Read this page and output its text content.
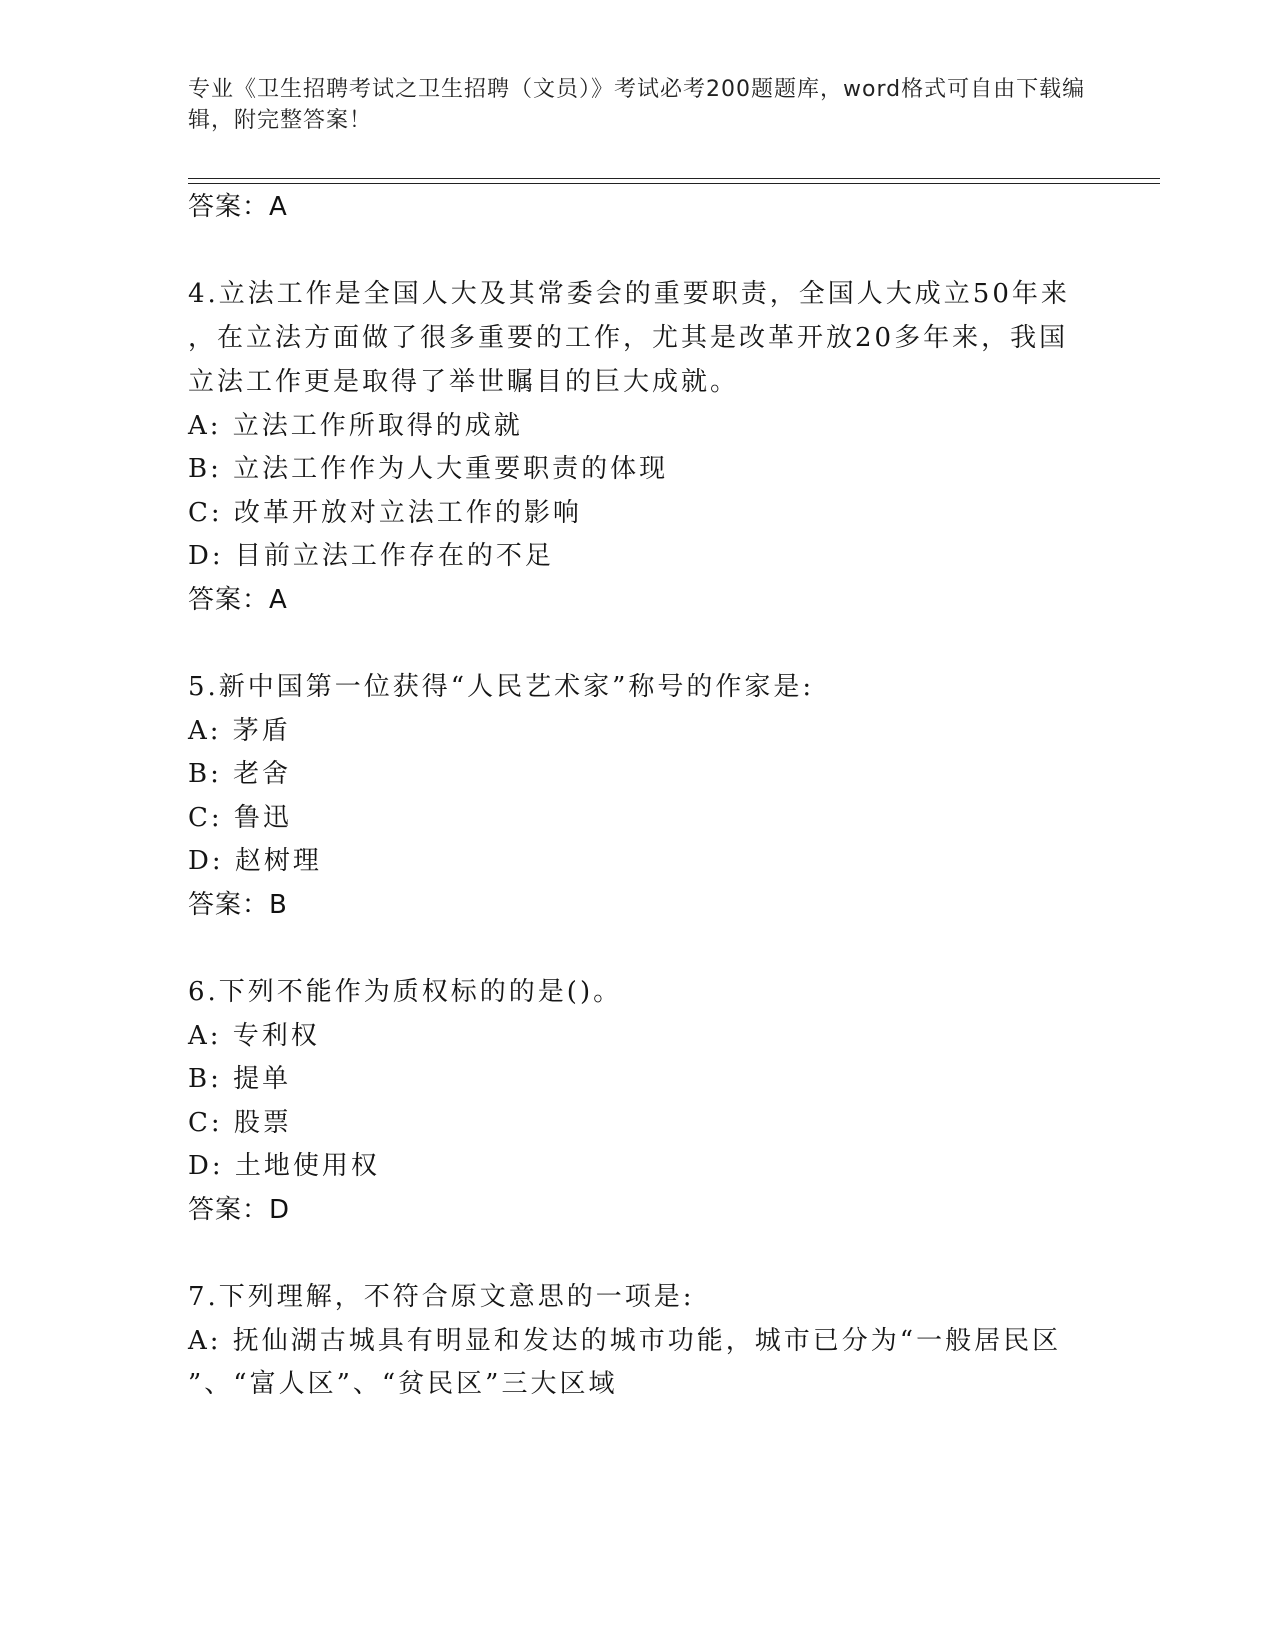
专业《卫生招聘考试之卫生招聘（文员）》考试必考200题题库，word格式可自由下载编辑，附完整答案！
答案：A
4.立法工作是全国人大及其常委会的重要职责，全国人大成立50年来
，在立法方面做了很多重要的工作，尤其是改革开放20多年来，我国
立法工作更是取得了举世瞩目的巨大成就。
A: 立法工作所取得的成就
B: 立法工作作为人大重要职责的体现
C: 改革开放对立法工作的影响
D: 目前立法工作存在的不足
答案：A
5.新中国第一位获得“人民艺术家”称号的作家是:
A: 茅盾
B: 老舍
C: 鲁迅
D: 赵树理
答案：B
6.下列不能作为质权标的的是()。
A: 专利权
B: 提单
C: 股票
D: 土地使用权
答案：D
7.下列理解，不符合原文意思的一项是:
A: 抚仙湖古城具有明显和发达的城市功能，城市已分为“一般居民区
”、“富人区”、“贫民区”三大区域
